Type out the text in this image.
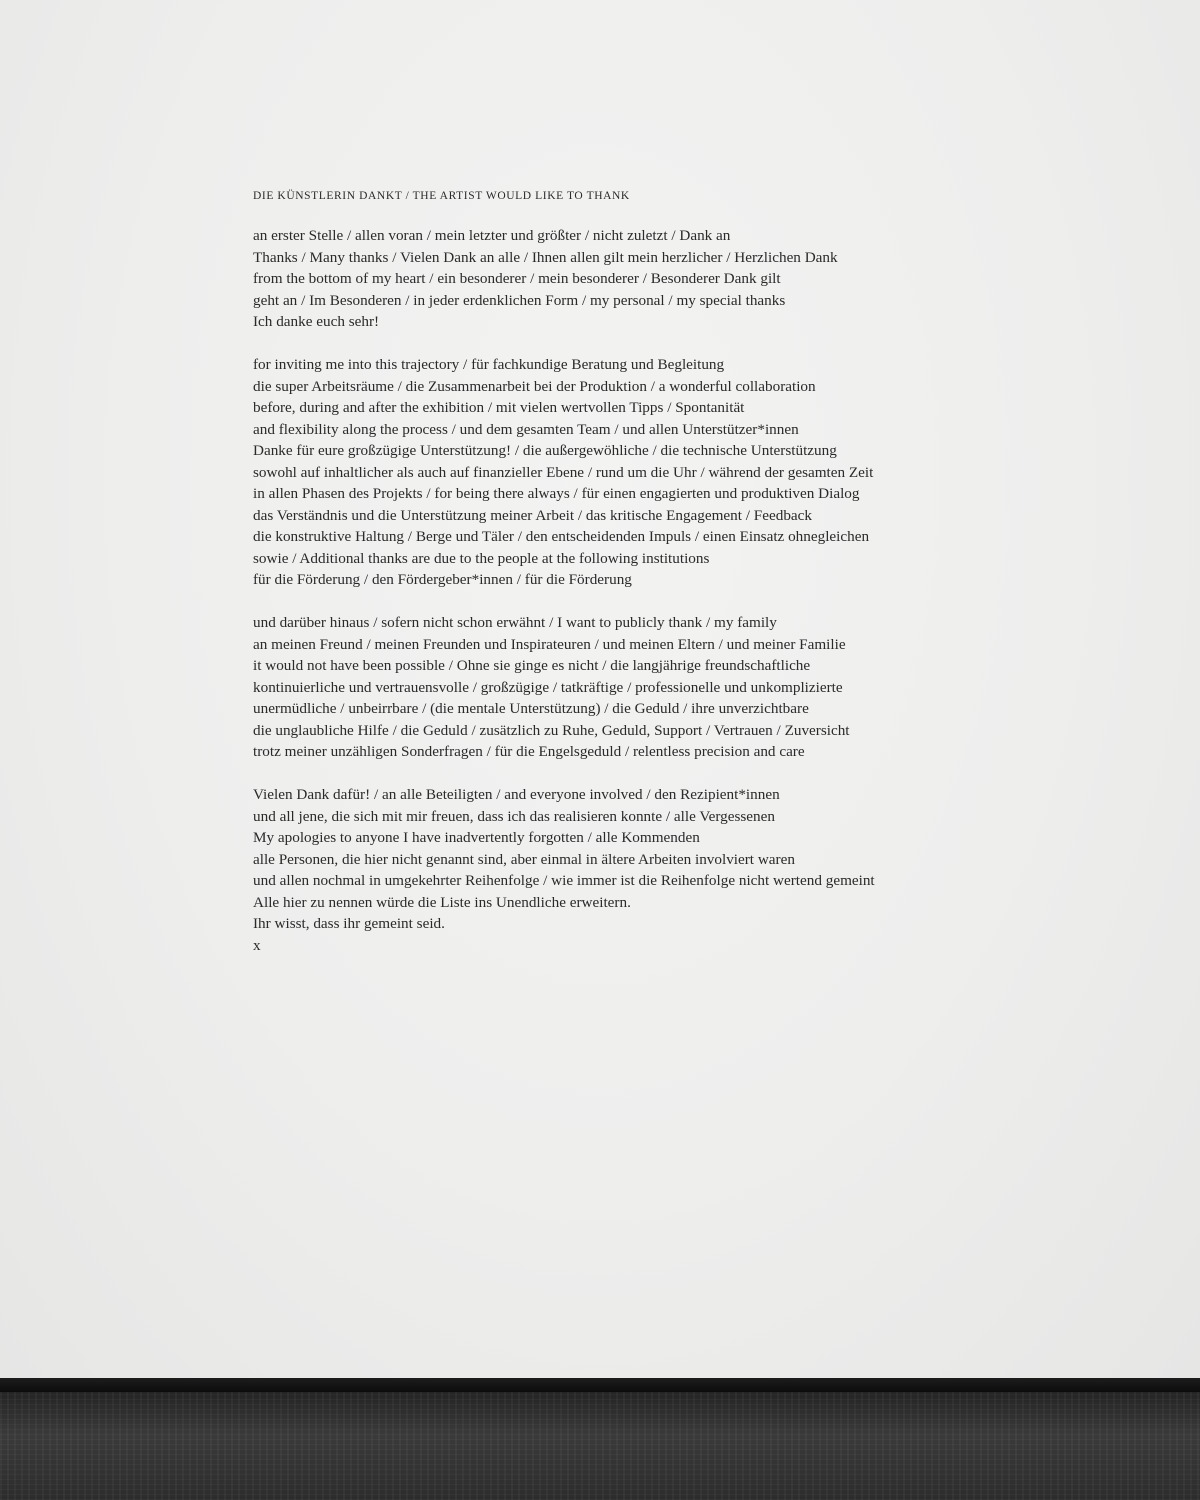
DIE KÜNSTLERIN DANKT / THE ARTIST WOULD LIKE TO THANK
an erster Stelle / allen voran / mein letzter und größter / nicht zuletzt / Dank an
Thanks / Many thanks / Vielen Dank an alle / Ihnen allen gilt mein herzlicher / Herzlichen Dank
from the bottom of my heart / ein besonderer / mein besonderer / Besonderer Dank gilt
geht an / Im Besonderen / in jeder erdenklichen Form / my personal / my special thanks
Ich danke euch sehr!
for inviting me into this trajectory / für fachkundige Beratung und Begleitung
die super Arbeitsräume / die Zusammenarbeit bei der Produktion / a wonderful collaboration
before, during and after the exhibition / mit vielen wertvollen Tipps / Spontanität
and flexibility along the process / und dem gesamten Team / und allen Unterstützer*innen
Danke für eure großzügige Unterstützung! / die außergewöhliche / die technische Unterstützung
sowohl auf inhaltlicher als auch auf finanzieller Ebene / rund um die Uhr / während der gesamten Zeit
in allen Phasen des Projekts / for being there always / für einen engagierten und produktiven Dialog
das Verständnis und die Unterstützung meiner Arbeit / das kritische Engagement / Feedback
die konstruktive Haltung / Berge und Täler / den entscheidenden Impuls / einen Einsatz ohnegleichen
sowie / Additional thanks are due to the people at the following institutions
für die Förderung / den Fördergeber*innen / für die Förderung
und darüber hinaus / sofern nicht schon erwähnt / I want to publicly thank / my family
an meinen Freund / meinen Freunden und Inspirateuren / und meinen Eltern / und meiner Familie
it would not have been possible / Ohne sie ginge es nicht / die langjährige freundschaftliche
kontinuierliche und vertrauensvolle / großzügige / tatkräftige / professionelle und unkomplizierte
unermüdliche / unbeirrbare / (die mentale Unterstützung) / die Geduld / ihre unverzichtbare
die unglaubliche Hilfe / die Geduld / zusätzlich zu Ruhe, Geduld, Support / Vertrauen / Zuversicht
trotz meiner unzähligen Sonderfragen / für die Engelsgeduld / relentless precision and care
Vielen Dank dafür! / an alle Beteiligten / and everyone involved / den Rezipient*innen
und all jene, die sich mit mir freuen, dass ich das realisieren konnte / alle Vergessenen
My apologies to anyone I have inadvertently forgotten / alle Kommenden
alle Personen, die hier nicht genannt sind, aber einmal in ältere Arbeiten involviert waren
und allen nochmal in umgekehrter Reihenfolge / wie immer ist die Reihenfolge nicht wertend gemeint
Alle hier zu nennen würde die Liste ins Unendliche erweitern.
Ihr wisst, dass ihr gemeint seid.
x
